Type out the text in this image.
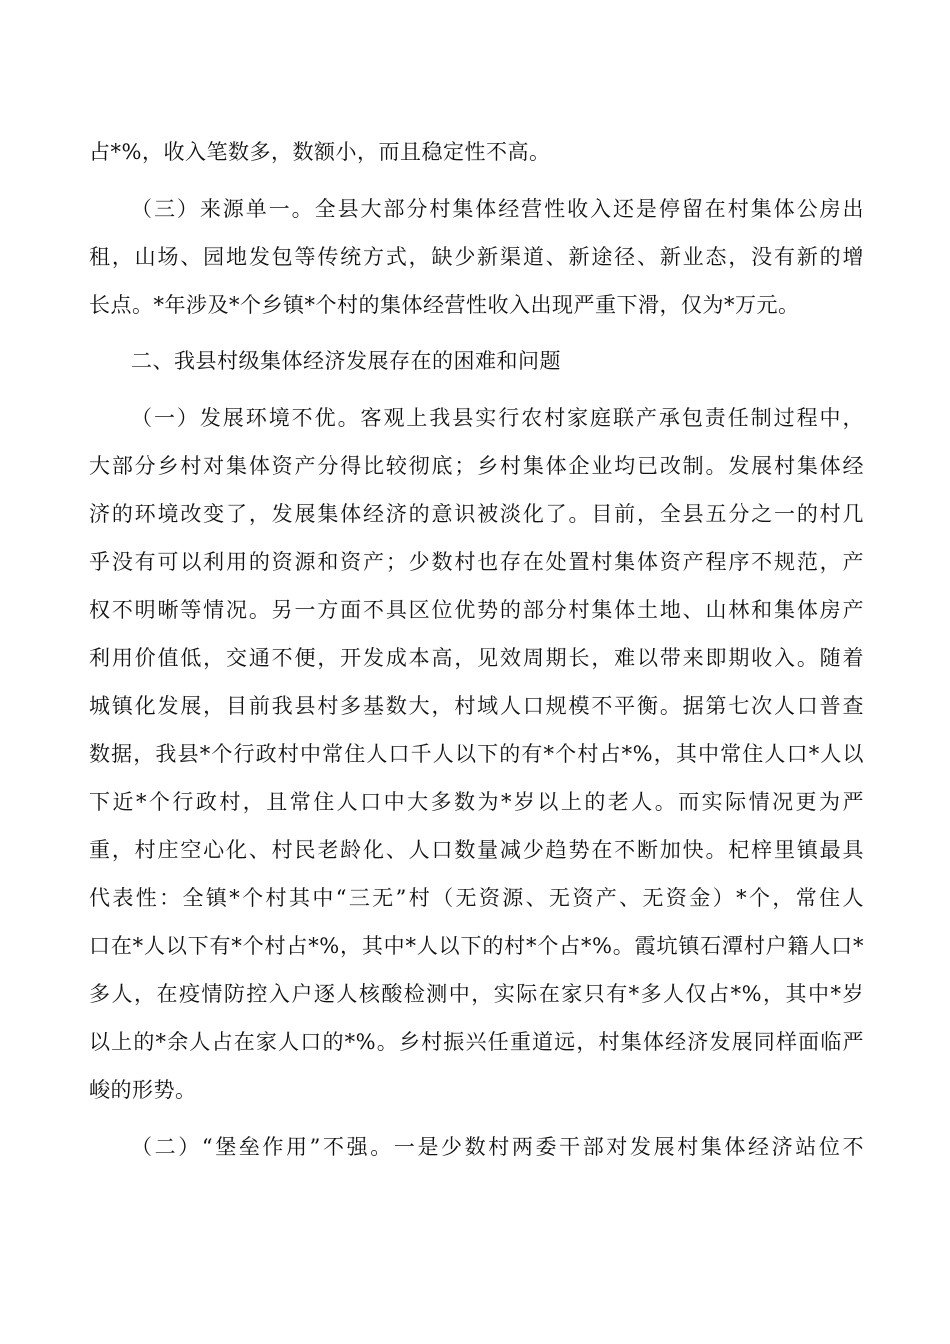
占*%，收入笔数多，数额小，而且稳定性不高。
（三）来源单一。全县大部分村集体经营性收入还是停留在村集体公房出
租，山场、园地发包等传统方式，缺少新渠道、新途径、新业态，没有新的增
长点。*年涉及*个乡镇*个村的集体经营性收入出现严重下滑，仅为*万元。
二、我县村级集体经济发展存在的困难和问题
（一）发展环境不优。客观上我县实行农村家庭联产承包责任制过程中，
大部分乡村对集体资产分得比较彻底；乡村集体企业均已改制。发展村集体经
济的环境改变了，发展集体经济的意识被淡化了。目前，全县五分之一的村几
乎没有可以利用的资源和资产；少数村也存在处置村集体资产程序不规范，产
权不明晰等情况。另一方面不具区位优势的部分村集体土地、山林和集体房产
利用价值低，交通不便，开发成本高，见效周期长，难以带来即期收入。随着
城镇化发展，目前我县村多基数大，村域人口规模不平衡。据第七次人口普查
数据，我县*个行政村中常住人口千人以下的有*个村占*%，其中常住人口*人以
下近*个行政村，且常住人口中大多数为*岁以上的老人。而实际情况更为严
重，村庄空心化、村民老龄化、人口数量减少趋势在不断加快。杞梓里镇最具
代表性：全镇*个村其中“三无”村（无资源、无资产、无资金）*个，常住人
口在*人以下有*个村占*%，其中*人以下的村*个占*%。霞坑镇石潭村户籍人口*
多人，在疫情防控入户逐人核酸检测中，实际在家只有*多人仅占*%，其中*岁
以上的*余人占在家人口的*%。乡村振兴任重道远，村集体经济发展同样面临严
峻的形势。
（二）“堡垒作用”不强。一是少数村两委干部对发展村集体经济站位不
